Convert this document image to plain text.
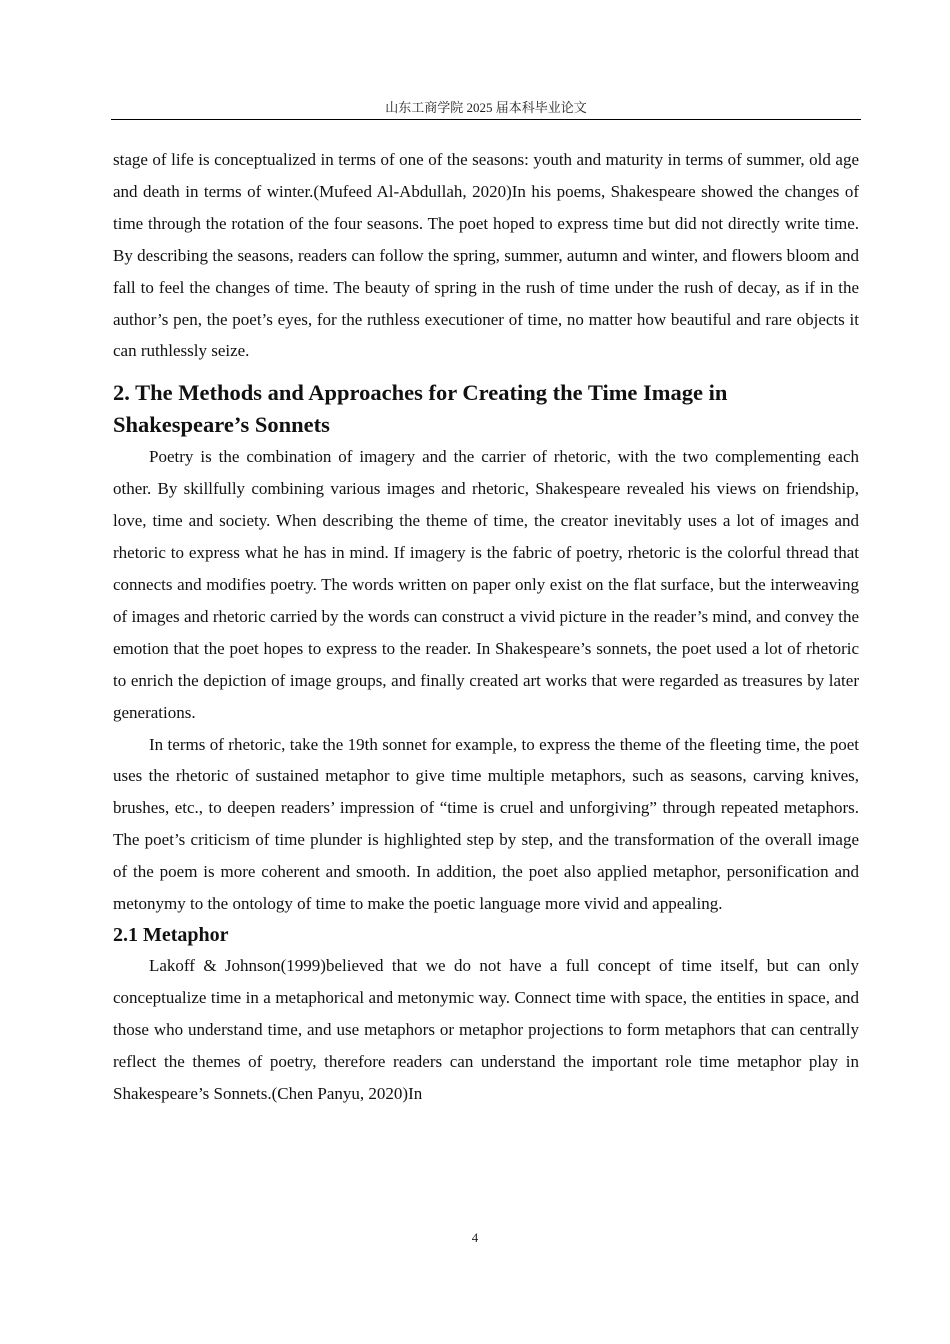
山东工商学院 2025 届本科毕业论文

stage of life is conceptualized in terms of one of the seasons: youth and maturity in terms of summer, old age and death in terms of winter.(Mufeed Al-Abdullah, 2020)In his poems, Shakespeare showed the changes of time through the rotation of the four seasons. The poet hoped to express time but did not directly write time. By describing the seasons, readers can follow the spring, summer, autumn and winter, and flowers bloom and fall to feel the changes of time. The beauty of spring in the rush of time under the rush of decay, as if in the author’s pen, the poet’s eyes, for the ruthless executioner of time, no matter how beautiful and rare objects it can ruthlessly seize.

2. The Methods and Approaches for Creating the Time Image in Shakespeare’s Sonnets

Poetry is the combination of imagery and the carrier of rhetoric, with the two complementing each other. By skillfully combining various images and rhetoric, Shakespeare revealed his views on friendship, love, time and society. When describing the theme of time, the creator inevitably uses a lot of images and rhetoric to express what he has in mind. If imagery is the fabric of poetry, rhetoric is the colorful thread that connects and modifies poetry. The words written on paper only exist on the flat surface, but the interweaving of images and rhetoric carried by the words can construct a vivid picture in the reader’s mind, and convey the emotion that the poet hopes to express to the reader. In Shakespeare’s sonnets, the poet used a lot of rhetoric to enrich the depiction of image groups, and finally created art works that were regarded as treasures by later generations.

In terms of rhetoric, take the 19th sonnet for example, to express the theme of the fleeting time, the poet uses the rhetoric of sustained metaphor to give time multiple metaphors, such as seasons, carving knives, brushes, etc., to deepen readers’ impression of “time is cruel and unforgiving” through repeated metaphors. The poet’s criticism of time plunder is highlighted step by step, and the transformation of the overall image of the poem is more coherent and smooth. In addition, the poet also applied metaphor, personification and metonymy to the ontology of time to make the poetic language more vivid and appealing.

2.1 Metaphor

Lakoff & Johnson(1999)believed that we do not have a full concept of time itself, but can only conceptualize time in a metaphorical and metonymic way. Connect time with space, the entities in space, and those who understand time, and use metaphors or metaphor projections to form metaphors that can centrally reflect the themes of poetry, therefore readers can understand the important role time metaphor play in Shakespeare’s Sonnets.(Chen Panyu, 2020)In

4
